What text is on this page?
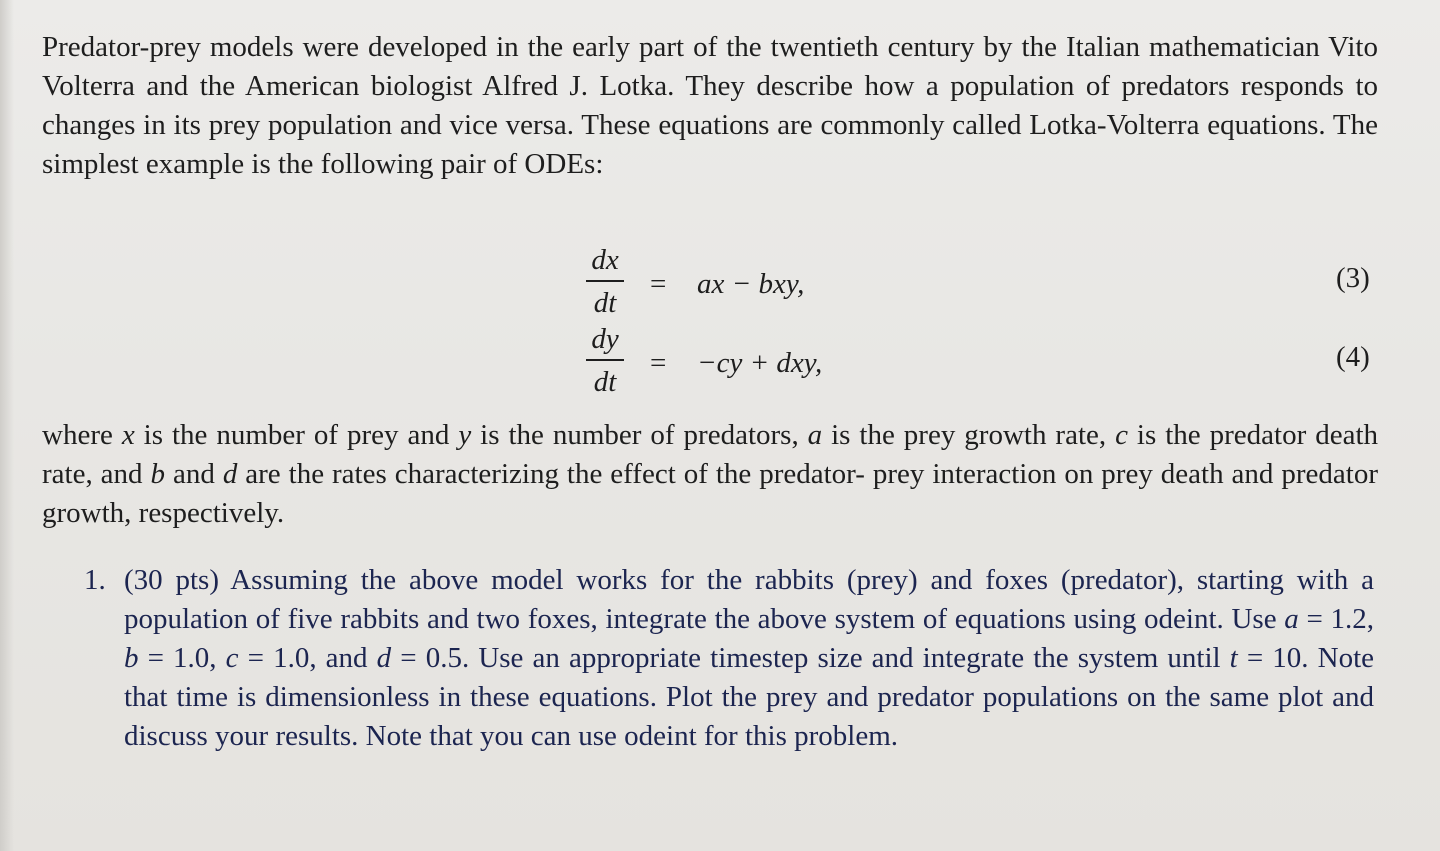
Predator-prey models were developed in the early part of the twentieth century by the Italian mathematician Vito Volterra and the American biologist Alfred J. Lotka. They describe how a population of predators responds to changes in its prey population and vice versa. These equations are commonly called Lotka-Volterra equations. The simplest example is the following pair of ODEs:

dx
dt
= ax − bxy,	(3)
dy
dt
= −cy + dxy,	(4)

where x is the number of prey and y is the number of predators, a is the prey growth rate, c is the predator death rate, and b and d are the rates characterizing the effect of the predator- prey interaction on prey death and predator growth, respectively.

1. (30 pts) Assuming the above model works for the rabbits (prey) and foxes (predator), starting with a population of five rabbits and two foxes, integrate the above system of equations using odeint. Use a = 1.2, b = 1.0, c = 1.0, and d = 0.5. Use an appropriate timestep size and integrate the system until t = 10. Note that time is dimensionless in these equations. Plot the prey and predator populations on the same plot and discuss your results. Note that you can use odeint for this problem.
